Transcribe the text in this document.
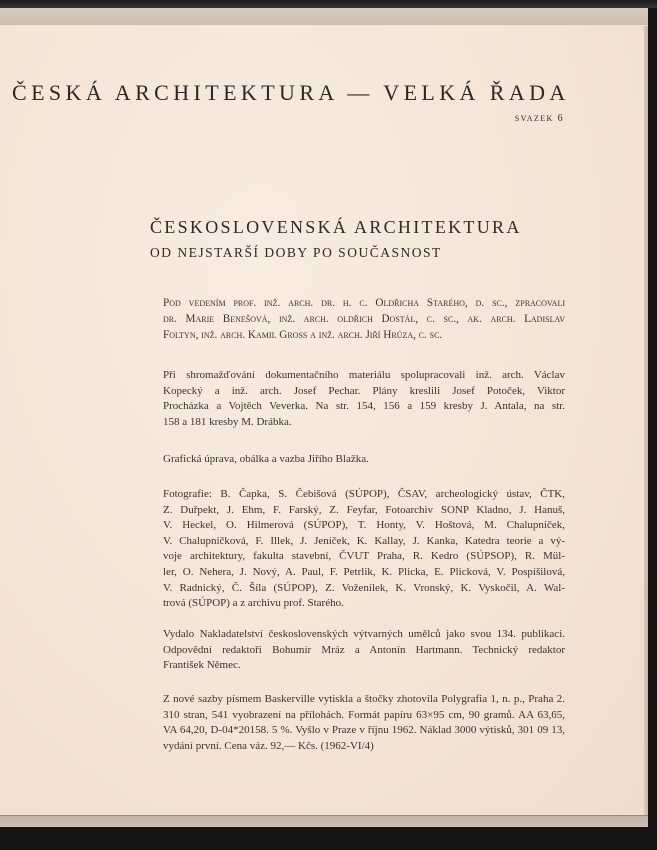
ČESKÁ ARCHITEKTURA — VELKÁ ŘADA
SVAZEK 6
ČESKOSLOVENSKÁ ARCHITEKTURA
OD NEJSTARŠÍ DOBY PO SOUČASNOST
Pod vedením prof. inž. arch. dr. h. c. Oldřicha Starého, d. sc., zpracovali
dr. Marie Benešová, inž. arch. oldřich Dostál, c. sc., ak. arch. Ladislav
Foltyn, inž. arch. Kamil Gross a inž. arch. Jiří Hrůza, c. sc.
Při shromažďování dokumentačního materiálu spolupracovali inž. arch. Václav
Kopecký a inž. arch. Josef Pechar. Plány kreslili Josef Potoček, Viktor
Procházka a Vojtěch Veverka. Na str. 154, 156 a 159 kresby J. Antala, na str.
158 a 181 kresby M. Drábka.
Grafická úprava, obálka a vazba Jiřího Blažka.
Fotografie: B. Čapka, S. Čebišová (SÚPOP), ČSAV, archeologický ústav, ČTK,
Z. Duřpekt, J. Ehm, F. Farský, Z. Feyfar, Fotoarchiv SONP Kladno, J. Hanuš,
V. Heckel, O. Hilmerová (SÚPOP), T. Honty, V. Hoštová, M. Chalupníček,
V. Chalupníčková, F. Illek, J. Jeníček, K. Kallay, J. Kanka, Katedra teorie a vý-
voje architektury, fakulta stavební, ČVUT Praha, R. Kedro (SÚPSOP), R. Mül-
ler, O. Nehera, J. Nový, A. Paul, F. Petrlik, K. Plicka, E. Plicková, V. Pospíšilová,
V. Radnický, Č. Šíla (SÚPOP), Z. Voženílek, K. Vronský, K. Vyskočil, A. Wal-
trová (SÚPOP) a z archivu prof. Starého.
Vydalo Nakladatelství československých výtvarných umělců jako svou 134. publikaci.
Odpovědní redaktoři Bohumír Mráz a Antonín Hartmann. Technický redaktor
František Němec.
Z nové sazby písmem Baskerville vytiskla a štočky zhotovila Polygrafia 1, n. p., Praha 2.
310 stran, 541 vyobrazení na přílohách. Formát papíru 63×95 cm, 90 gramů. AA 63,65,
VA 64,20, D-04*20158. 5 %. Vyšlo v Praze v říjnu 1962. Náklad 3000 výtisků, 301 09 13,
vydání první. Cena váz. 92,— Kčs. (1962-VI/4)
